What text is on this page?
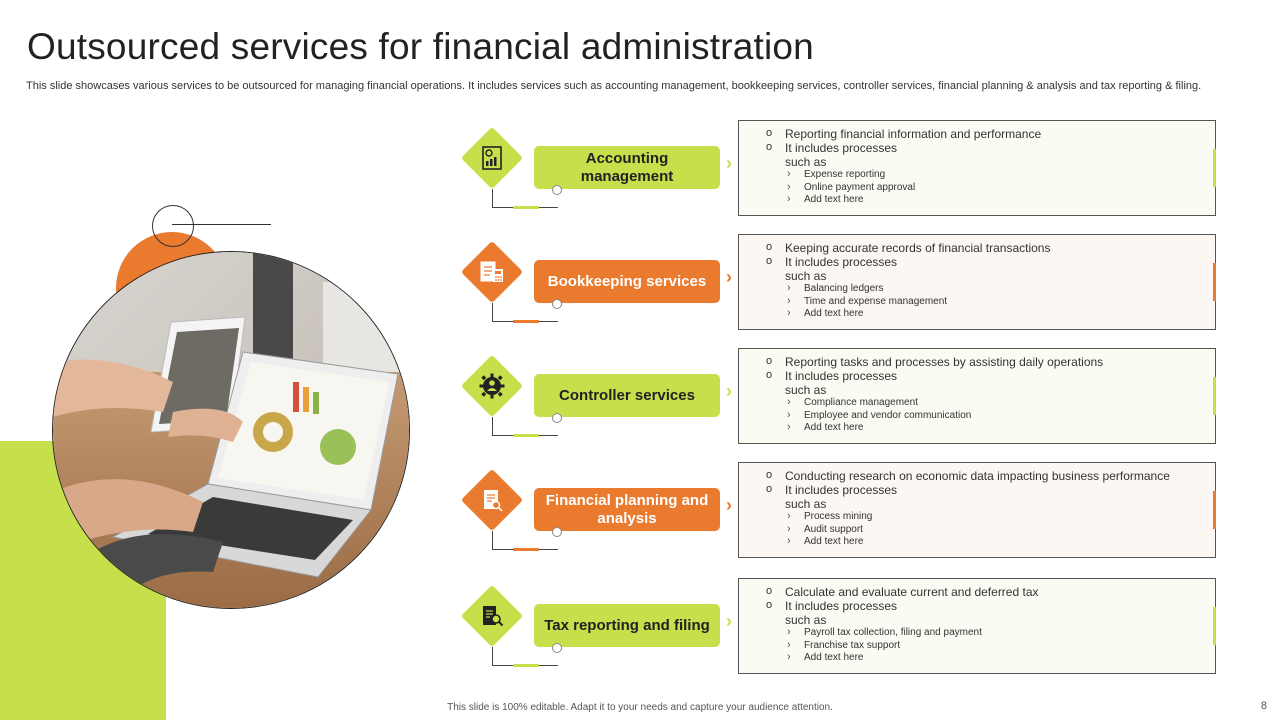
Outsourced services for financial administration
This slide showcases various services to be outsourced for managing financial operations. It includes services such as accounting management, bookkeeping services, controller services, financial planning & analysis and tax reporting & filing.
Accounting management
›
o Reporting financial information and performance
o It includes processes
such as
› Expense reporting
› Online payment approval
› Add text here
Bookkeeping services	›
o Keeping accurate records of financial transactions
o It includes processes
such as
› Balancing ledgers
› Time and expense management
› Add text here
Controller services	›
o Reporting tasks and processes by assisting daily operations
o It includes processes
such as
› Compliance management
› Employee and vendor communication
› Add text here
Financial planning and analysis
›
o Conducting research on economic data impacting business performance
o It includes processes
such as
› Process mining
› Audit support
› Add text here
Tax reporting and filing ›
o Calculate and evaluate current and deferred tax
o It includes processes
such as
› Payroll tax collection, filing and payment
› Franchise tax support
› Add text here
This slide is 100% editable. Adapt it to your needs and capture your audience attention.	8
